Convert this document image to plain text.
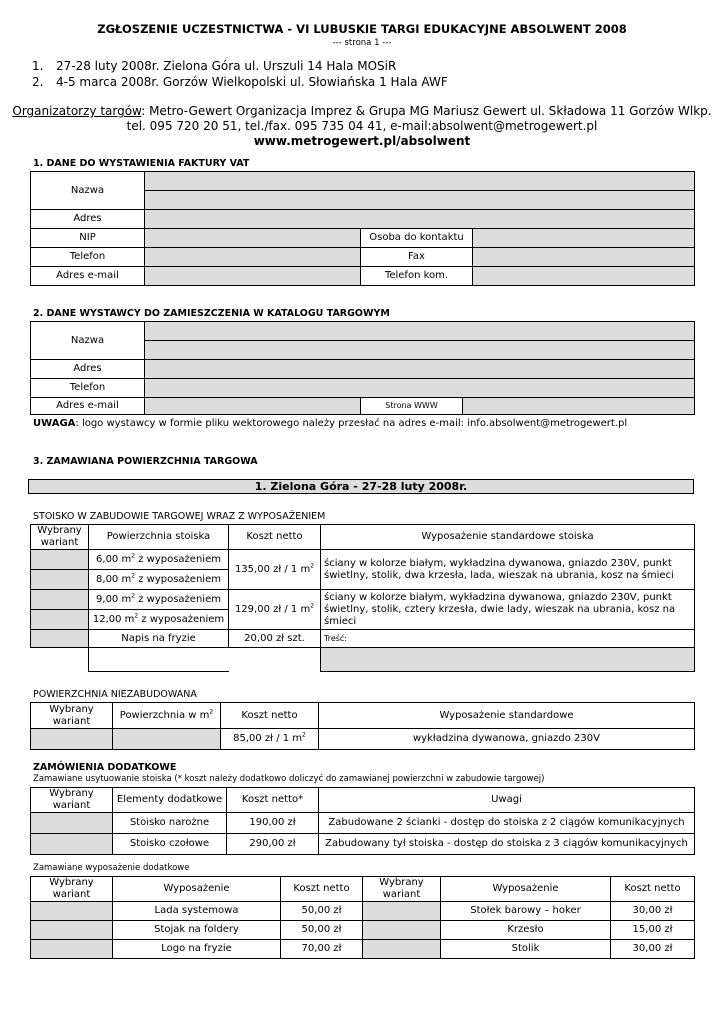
ZGŁOSZENIE UCZESTNICTWA - VI LUBUSKIE TARGI EDUKACYJNE ABSOLWENT 2008
--- strona 1 ---
1. 27-28 luty 2008r. Zielona Góra ul. Urszuli 14 Hala MOSiR
2. 4-5 marca 2008r. Gorzów Wielkopolski ul. Słowiańska 1 Hala AWF
Organizatorzy targów: Metro-Gewert Organizacja Imprez & Grupa MG Mariusz Gewert ul. Składowa 11 Gorzów Wlkp.
tel. 095 720 20 51, tel./fax. 095 735 04 41, e-mail:absolwent@metrogewert.pl
www.metrogewert.pl/absolwent
1. DANE DO WYSTAWIENIA FAKTURY VAT
Nazwa			

Adres			
NIP		Osoba do kontaktu	
Telefon		Fax	
Adres e-mail		Telefon kom.	
2. DANE WYSTAWCY DO ZAMIESZCZENIA W KATALOGU TARGOWYM
Nazwa			

Adres			
Telefon			
Adres e-mail		Strona WWW	
UWAGA: logo wystawcy w formie pliku wektorowego należy przesłać na adres e-mail: info.absolwent@metrogewert.pl
3. ZAMAWIANA POWIERZCHNIA TARGOWA
1. Zielona Góra - 27-28 luty 2008r.
STOISKO W ZABUDOWIE TARGOWEJ WRAZ Z WYPOSAŻENIEM
Wybrany wariant	Powierzchnia stoiska	Koszt netto	Wyposażenie standardowe stoiska
	6,00 $m^2$ z wyposażeniem	135,00 zł / 1 $m^2$	ściany w kolorze białym, wykładzina dywanowa, gniazdo 230V, punkt świetlny, stolik, dwa krzesła, lada, wieszak na ubrania, kosz na śmieci
	8,00 $m^2$ z wyposażeniem		
	9,00 $m^2$ z wyposażeniem	129,00 zł / 1 $m^2$	ściany w kolorze białym, wykładzina dywanowa, gniazdo 230V, punkt świetlny, stolik, cztery krzesła, dwie lady, wieszak na ubrania, kosz na śmieci
	12,00 $m^2$ z wyposażeniem		
	Napis na fryzie	20,00 zł szt.	Treść:

POWIERZCHNIA NIEZABUDOWANA
Wybrany wariant	Powierzchnia w $m^2$	Koszt netto	Wyposażenie standardowe
		85,00 zł / 1 $m^2$	wykładzina dywanowa, gniazdo 230V
ZAMÓWIENIA DODATKOWE
Zamawiane usytuowanie stoiska (* koszt należy dodatkowo doliczyć do zamawianej powierzchni w zabudowie targowej)
Wybrany wariant	Elementy dodatkowe	Koszt netto*	Uwagi
	Stoisko narożne	190,00 zł	Zabudowane 2 ścianki - dostęp do stoiska z 2 ciągów komunikacyjnych
	Stoisko czołowe	290,00 zł	Zabudowany tył stoiska - dostęp do stoiska z 3 ciągów komunikacyjnych
Zamawiane wyposażenie dodatkowe
Wybrany wariant	Wyposażenie	Koszt netto	Wybrany wariant	Wyposażenie	Koszt netto
	Lada systemowa	50,00 zł		Stołek barowy – hoker	30,00 zł
	Stojak na foldery	50,00 zł		Krzesło	15,00 zł
	Logo na fryzie	70,00 zł		Stolik	30,00 zł
